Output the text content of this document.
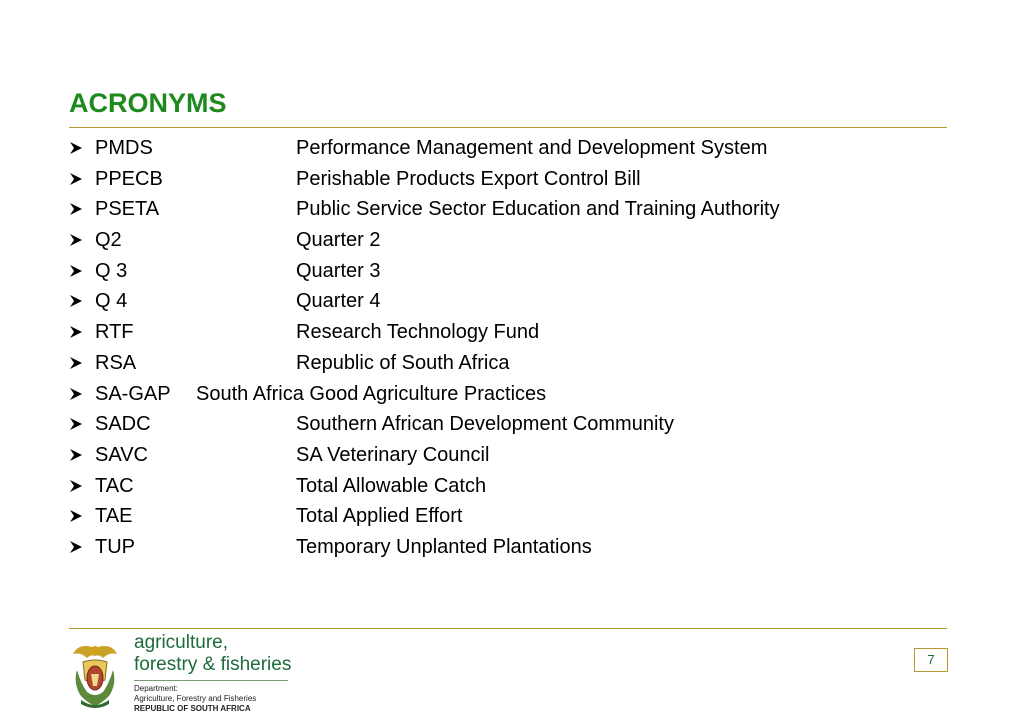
ACRONYMS
PMDS	Performance Management and Development System
PPECB	Perishable Products Export Control Bill
PSETA	Public Service Sector Education and Training Authority
Q2	Quarter 2
Q 3	Quarter 3
Q 4	Quarter 4
RTF	Research Technology Fund
RSA	Republic of South Africa
SA-GAP South Africa Good Agriculture Practices
SADC	Southern African Development Community
SAVC	SA Veterinary Council
TAC	Total Allowable Catch
TAE	Total Applied Effort
TUP	Temporary Unplanted Plantations
agriculture,
forestry & fisheries
Department:
Agriculture, Forestry and Fisheries
REPUBLIC OF SOUTH AFRICA
7
